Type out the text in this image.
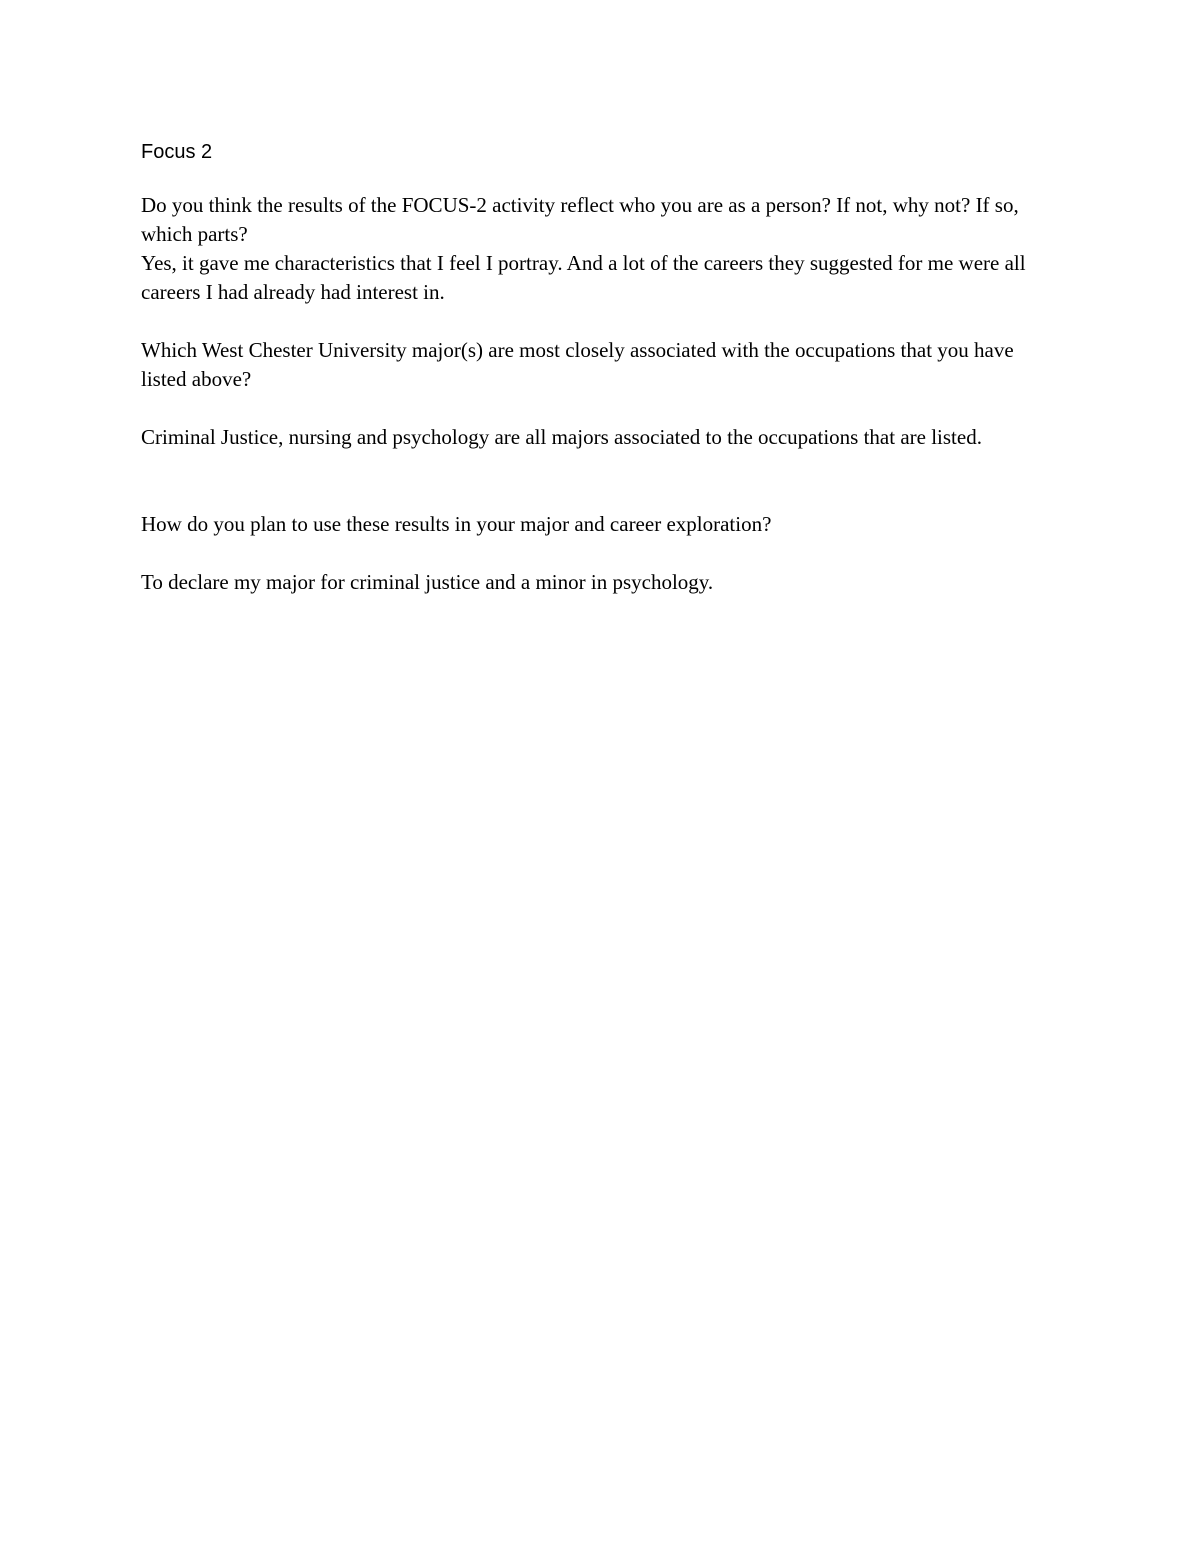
Focus 2

Do you think the results of the FOCUS-2 activity reflect who you are as a person? If not, why not? If so, which parts?

Yes, it gave me characteristics that I feel I portray. And a lot of the careers they suggested for me were all careers I had already had interest in.

Which West Chester University major(s) are most closely associated with the occupations that you have listed above?

Criminal Justice, nursing and psychology are all majors associated to the occupations that are listed.

How do you plan to use these results in your major and career exploration?

To declare my major for criminal justice and a minor in psychology.
